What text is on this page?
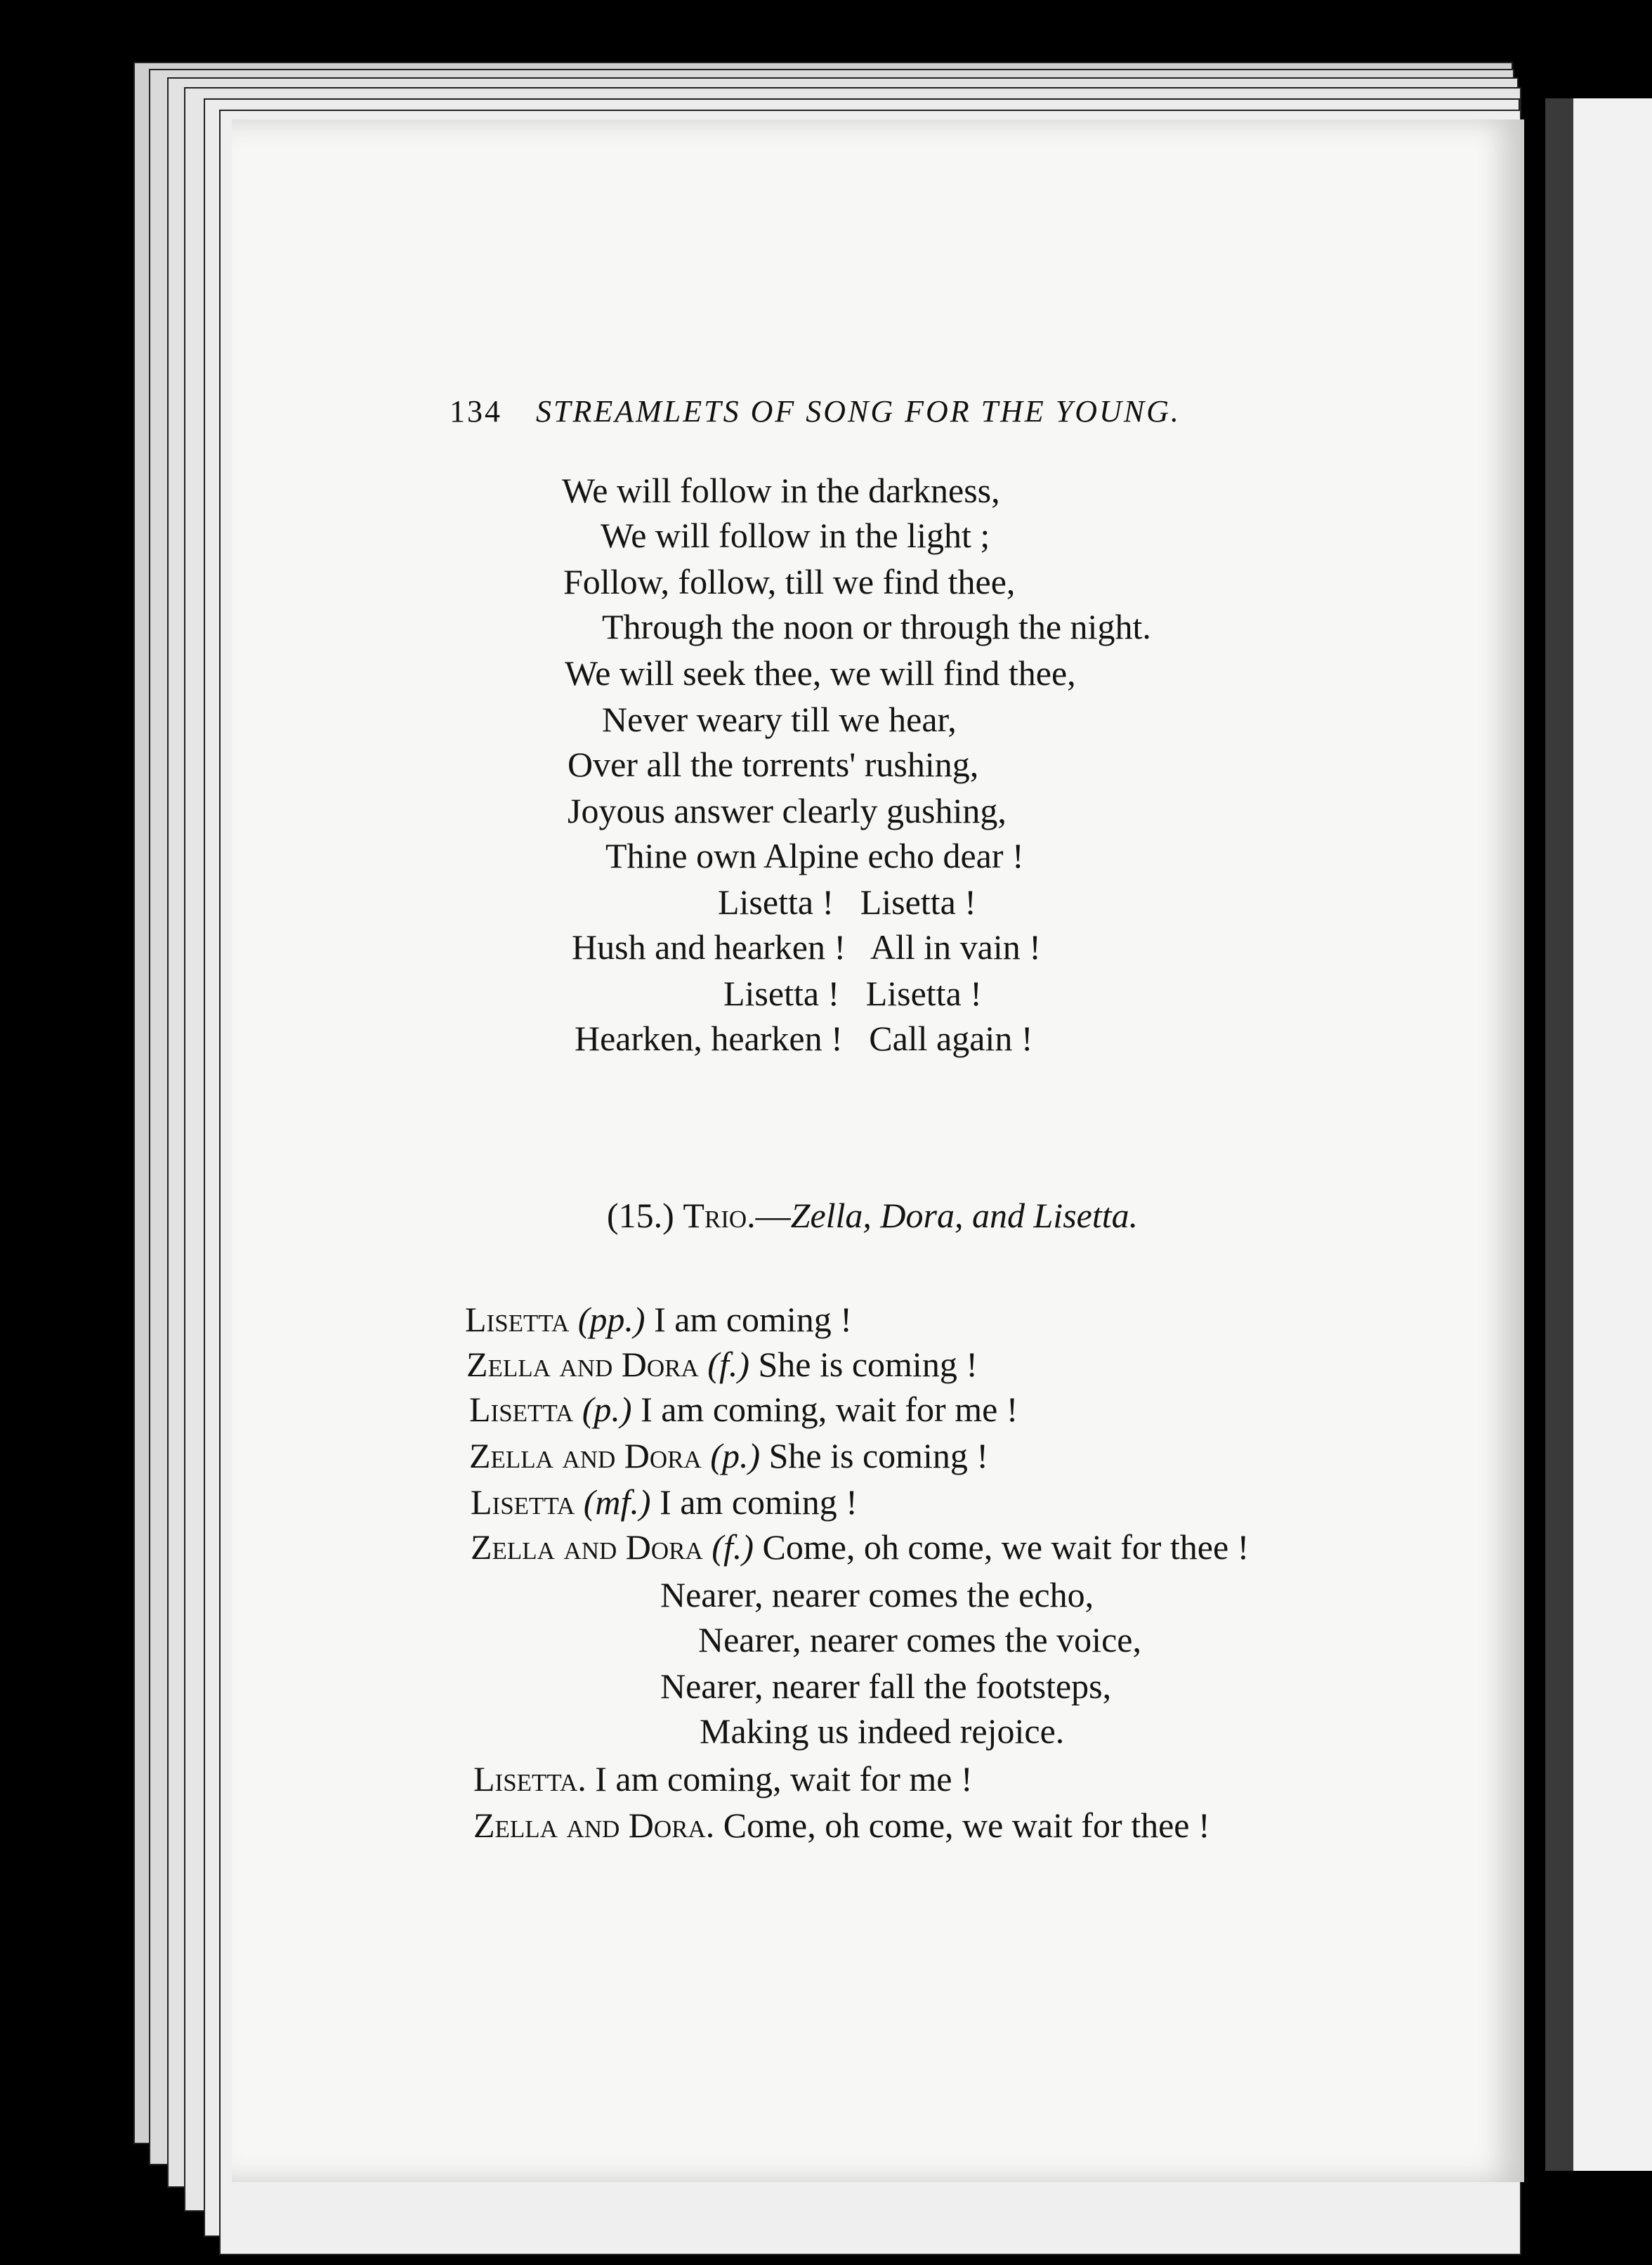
134 STREAMLETS OF SONG FOR THE YOUNG.
We will follow in the darkness,
We will follow in the light ;
Follow, follow, till we find thee,
Through the noon or through the night.
We will seek thee, we will find thee,
Never weary till we hear,
Over all the torrents' rushing,
Joyous answer clearly gushing,
Thine own Alpine echo dear !
Lisetta !   Lisetta !
Hush and hearken !   All in vain !
Lisetta !   Lisetta !
Hearken, hearken !   Call again !
(15.) Trio.—Zella, Dora, and Lisetta.
Lisetta (pp.) I am coming !
Zella and Dora (f.) She is coming !
Lisetta (p.) I am coming, wait for me !
Zella and Dora (p.) She is coming !
Lisetta (mf.) I am coming !
Zella and Dora (f.) Come, oh come, we wait for thee !
Nearer, nearer comes the echo,
Nearer, nearer comes the voice,
Nearer, nearer fall the footsteps,
Making us indeed rejoice.
Lisetta. I am coming, wait for me !
Zella and Dora. Come, oh come, we wait for thee !
